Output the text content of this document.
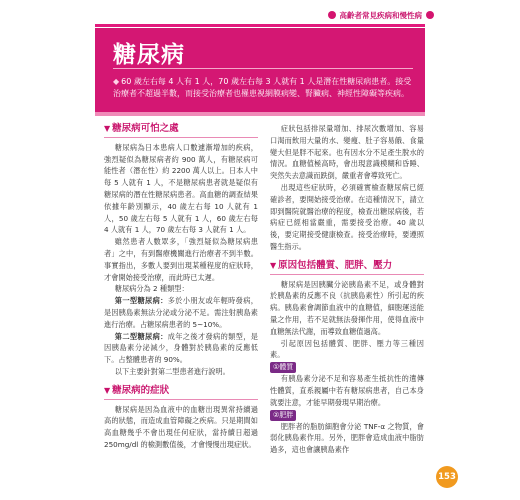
高齡者常見疾病和慢性病
糖尿病
◆ 60 歲左右每 4 人有 1 人，70 歲左右每 3 人就有 1 人是潛在性糖尿病患者。接受治療者不超過半數，而接受治療者也罹患視網膜病變、腎臟病、神經性障礙等疾病。
▼ 糖尿病可怕之處

糖尿病為日本患病人口數遽漸增加的疾病，強烈疑似為糖尿病者約 900 萬人，有糖尿病可能性者（潛在性）約 2200 萬人以上。日本人中每 5 人就有 1 人，不是糖尿病患者就是疑似有糖尿病的潛在性糖尿病患者。高血糖的調查結果依據年齡別顯示，40 歲左右每 10 人就有 1 人，50 歲左右每 5 人就有 1 人，60 歲左右每 4 人就有 1 人，70 歲左右每 3 人就有 1 人。

雖然患者人數眾多，「強烈疑似為糖尿病患者」之中，有到醫療機關進行治療者不到半數。事實指出，多數人要到出現某種程度的症狀時，才會開始接受治療，而此時已太遲。

糖尿病分為 2 種類型：

第一型糖尿病：多於小朋友或年輕時發病，是因胰島素無法分泌或分泌不足。需注射胰島素進行治療。占糖尿病患者的 5~10%。

第二型糖尿病：成年之後才發病的類型，是因胰島素分泌減少，身體對於胰島素的反應低下。占整體患者的 90%。

以下主要針對第二型患者進行說明。

▼ 糖尿病的症狀

糖尿病是因為血液中的血糖出現異常持續過高的狀態，而造成血管障礙之疾病。只是期間如高血糖幾乎不會出現任何症狀，當持續日超過 250mg/dl 的檢測數值後，才會慢慢出現症狀。

症狀包括排尿量增加、排尿次數增加、容易口渴而飲用大量的水、變瘦、肚子容易餓、食量變大但是胖不起來。也有因水分不足產生脫水的情況。血糖值極高時，會出現意識模糊和昏睡、突然失去意識而跌倒，嚴重者會導致死亡。

出現這些症狀時，必須確實檢查糖尿病已經確診者，要開始接受治療。在這種情況下，請立即到醫院就醫治療的程度，檢查出糖尿病後，若病症已經相當嚴重，需要接受治療。40 歲以後，要定期接受健康檢查。接受治療時，要遵照醫生指示。

▼ 原因包括體質、肥胖、壓力

糖尿病是因胰臟分泌胰島素不足，或身體對於胰島素的反應不良（抗胰島素性）所引起的疾病。胰島素會調節血液中的血糖值，細胞運送能量之作用，若不足就無法發揮作用，使得血液中血糖無法代謝，而導致血糖值過高。

引起原因包括體質、肥胖、壓力等三種因素。

①體質

有胰島素分泌不足和容易產生抵抗性的遺傳性體質，直系親屬中若有糖尿病患者，自己本身就要注意，才能早期發現早期治療。

②肥胖

肥胖者的脂肪細胞會分泌 TNF-α 之物質，會弱化胰島素作用。另外，肥胖會造成血液中脂肪過多，這也會讓胰島素作

153
